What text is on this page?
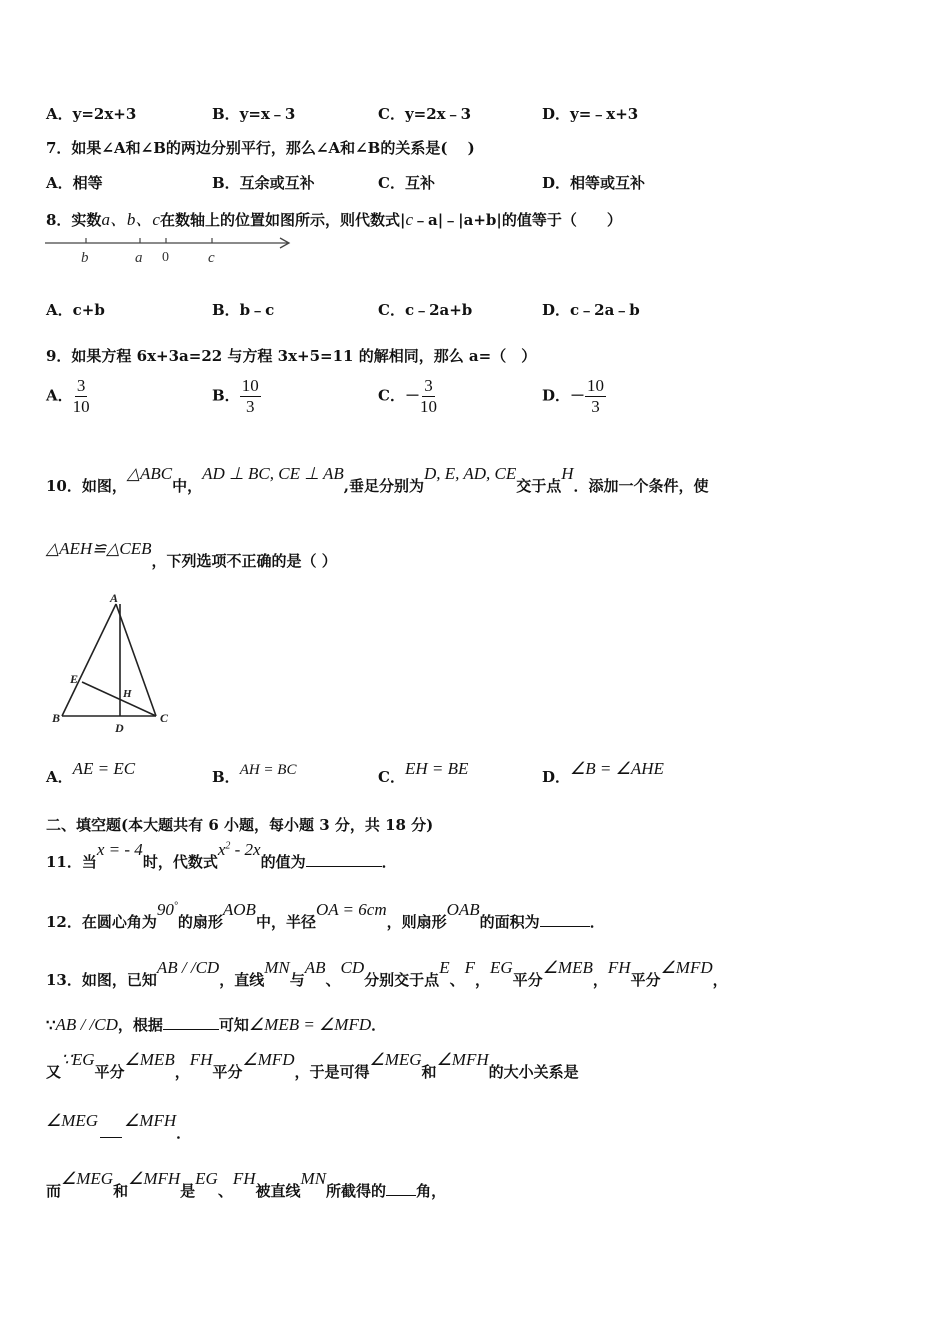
A．y=2x+3	B．y=x﹣3	C．y=2x﹣3	D．y=﹣x+3
7．如果∠A和∠B的两边分别平行，那么∠A和∠B的关系是(　 )
A．相等	B．互余或互补	C．互补	D．相等或互补
8．实数a、b、c在数轴上的位置如图所示，则代数式|c﹣a|﹣|a+b|的值等于（　　）
b	a 0	c
A．c+b	B．b﹣c	C．c﹣2a+b	D．c﹣2a﹣b
9．如果方程 6x+3a=22 与方程 3x+5=11 的解相同，那么 a=（　）
A． $\frac{3}{10}$	B． $\frac{10}{3}$	C．－ $\frac{3}{10}$	D．－ $\frac{10}{3}$
10．如图，△ABC中，AD ⊥ BC, CE ⊥ AB,垂足分别为D, E, AD, CE交于点H．添加一个条件，使
△AEH≌△CEB，下列选项不正确的是（ ）
A
E
H
B
D
C
A．AE = EC	B．AH = BC	C．EH = BE	D．∠B = ∠AHE
二、填空题(本大题共有 6 小题，每小题 3 分，共 18 分)
11．当x = - 4时，代数式$x^2 - 2x$的值为	．
12．在圆心角为90°的扇形AOB中，半径OA = 6cm，则扇形OAB的面积为	．
13．如图，已知AB / /CD，直线MN与AB、CD分别交于点E、F，EG平分∠MEB，FH平分∠MFD，
∵AB / /CD，根据	可知∠MEB = ∠MFD．
又∵EG平分∠MEB，FH平分∠MFD，于是可得∠MEG和∠MFH的大小关系是
∠MEG ∠MFH．
而∠MEG和∠MFH是EG、FH被直线MN所截得的 角，
